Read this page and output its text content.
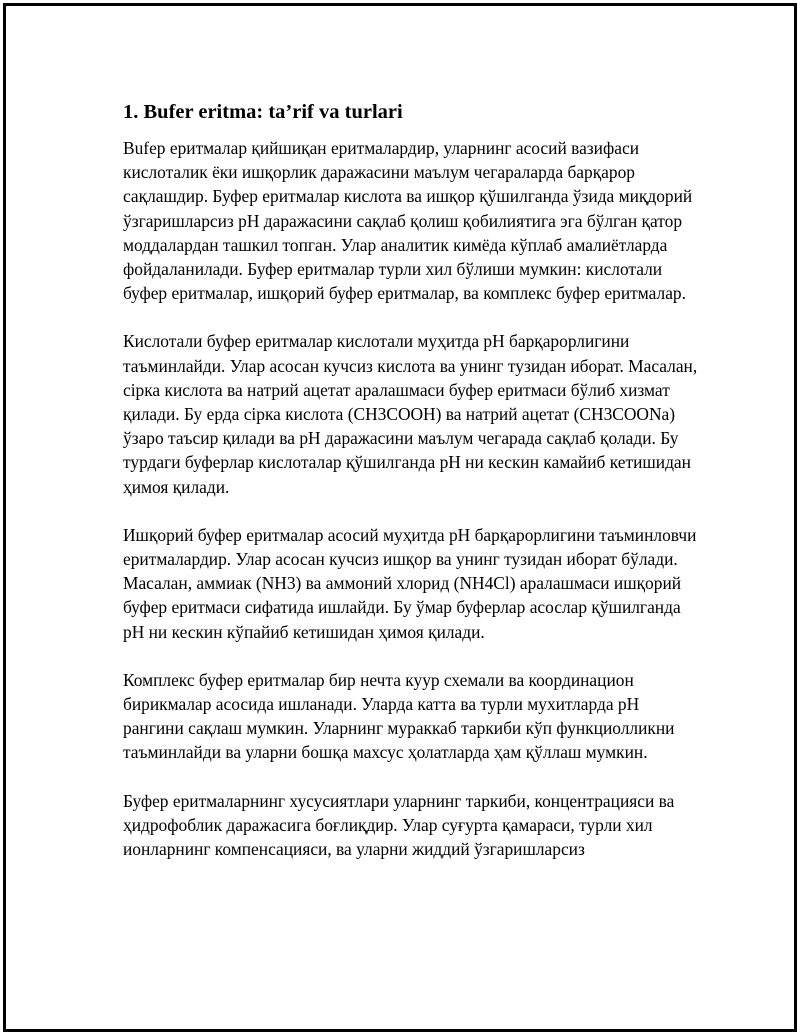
1. Bufer eritma: ta’rif va turlari

Bufер еритмалар қийшиқан еритмалардир, уларнинг асосий вазифаси кислоталик ёки ишқорлик даражасини маълум чегараларда барқарор сақлашдир. Буфер еритмалар кислота ва ишқор қўшилганда ўзида миқдорий ўзгаришларсиз pH даражасини сақлаб қолиш қобилиятига эга бўлган қатор моддалардан ташкил топган. Улар аналитик кимёда кўплаб амалиётларда фойдаланилади. Буфер еритмалар турли хил бўлиши мумкин: кислотали буфер еритмалар, ишқорий буфер еритмалар, ва комплекс буфер еритмалар.

Кислотали буфер еритмалар кислотали муҳитда pH барқарорлигини таъминлайди. Улар асосан кучсиз кислота ва унинг тузидан иборат. Масалан, сірка кислота ва натрий ацетат аралашмаси буфер еритмаси бўлиб хизмат қилади. Бу ерда сірка кислота (CH3COOH) ва натрий ацетат (CH3COONa) ўзаро таъсир қилади ва pH даражасини маълум чегарада сақлаб қолади. Бу турдаги буферлар кислоталар қўшилганда pH ни кескин камайиб кетишидан ҳимоя қилади.

Ишқорий буфер еритмалар асосий муҳитда pH барқарорлигини таъминловчи еритмалардир. Улар асосан кучсиз ишқор ва унинг тузидан иборат бўлади. Масалан, аммиак (NH3) ва аммоний хлорид (NH4Cl) аралашмаси ишқорий буфер еритмаси сифатида ишлайди. Бу ўмар буферлар асослар қўшилганда pH ни кескин кўпайиб кетишидан ҳимоя қилади.

Комплекс буфер еритмалар бир нечта куур схемали ва координацион бирикмалар асосида ишланади. Уларда катта ва турли мухитларда pH рангини сақлаш мумкин. Уларнинг мураккаб таркиби кўп функциолликни таъминлайди ва уларни бошқа махсус ҳолатларда ҳам қўллаш мумкин.

Буфер еритмаларнинг хусусиятлари уларнинг таркиби, концентрацияси ва ҳидрофоблик даражасига боғлиқдир. Улар суғурта қамараси, турли хил ионларнинг компенсацияси, ва уларни жиддий ўзгаришларсиз
